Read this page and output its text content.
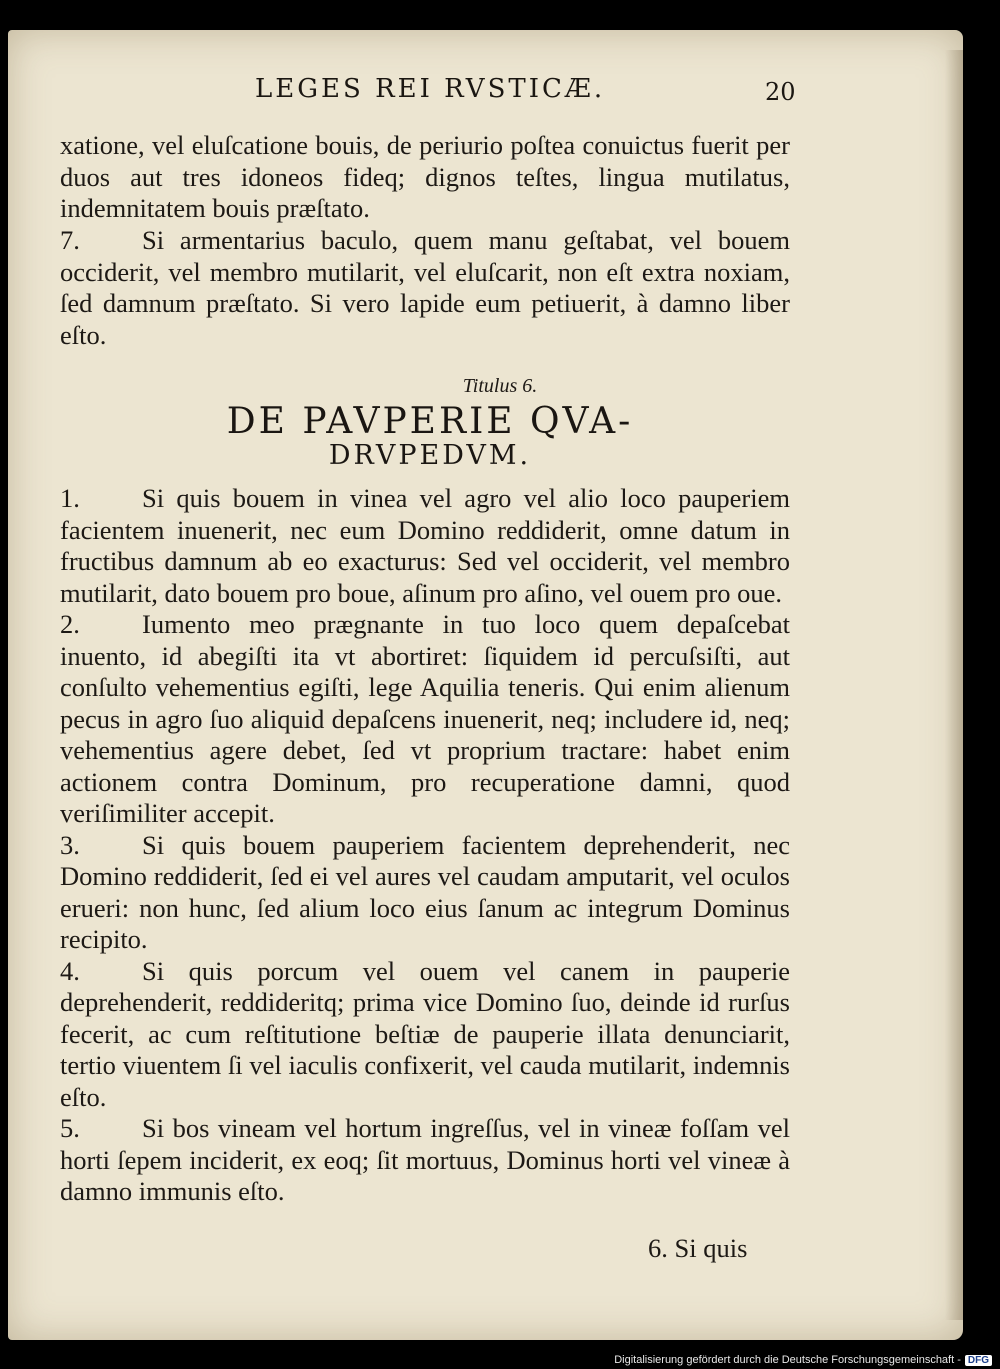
LEGES REI RVSTICÆ.	20

xatione, vel eluſcatione bouis, de periurio poſtea conuictus fuerit per duos aut tres idoneos fideq; dignos teſtes, lingua mutilatus, indemnitatem bouis præſtato.

7. Si armentarius baculo, quem manu geſtabat, vel bouem occiderit, vel membro mutilarit, vel eluſcarit, non eſt extra noxiam, ſed damnum præſtato. Si vero lapide eum petiuerit, à damno liber eſto.

Titulus 6.
DE PAVPERIE QVA-
DRVPEDVM.

1. Si quis bouem in vinea vel agro vel alio loco pauperiem facientem inuenerit, nec eum Domino reddiderit, omne datum in fructibus damnum ab eo exacturus: Sed vel occiderit, vel membro mutilarit, dato bouem pro boue, aſinum pro aſino, vel ouem pro oue.

2. Iumento meo prægnante in tuo loco quem depaſcebat inuento, id abegiſti ita vt abortiret: ſiquidem id percuſsiſti, aut conſulto vehementius egiſti, lege Aquilia teneris. Qui enim alienum pecus in agro ſuo aliquid depaſcens inuenerit, neq; includere id, neq; vehementius agere debet, ſed vt proprium tractare: habet enim actionem contra Dominum, pro recuperatione damni, quod veriſimiliter accepit.

3. Si quis bouem pauperiem facientem deprehenderit, nec Domino reddiderit, ſed ei vel aures vel caudam amputarit, vel oculos erueri: non hunc, ſed alium loco eius ſanum ac integrum Dominus recipito.

4. Si quis porcum vel ouem vel canem in pauperie deprehenderit, reddideritq; prima vice Domino ſuo, deinde id rurſus fecerit, ac cum reſtitutione beſtiæ de pauperie illata denunciarit, tertio viuentem ſi vel iaculis confixerit, vel cauda mutilarit, indemnis eſto.

5. Si bos vineam vel hortum ingreſſus, vel in vineæ foſſam vel horti ſepem inciderit, ex eoq; ſit mortuus, Dominus horti vel vineæ à damno immunis eſto.

6. Si quis
Digitalisierung gefördert durch die Deutsche Forschungsgemeinschaft - DFG
